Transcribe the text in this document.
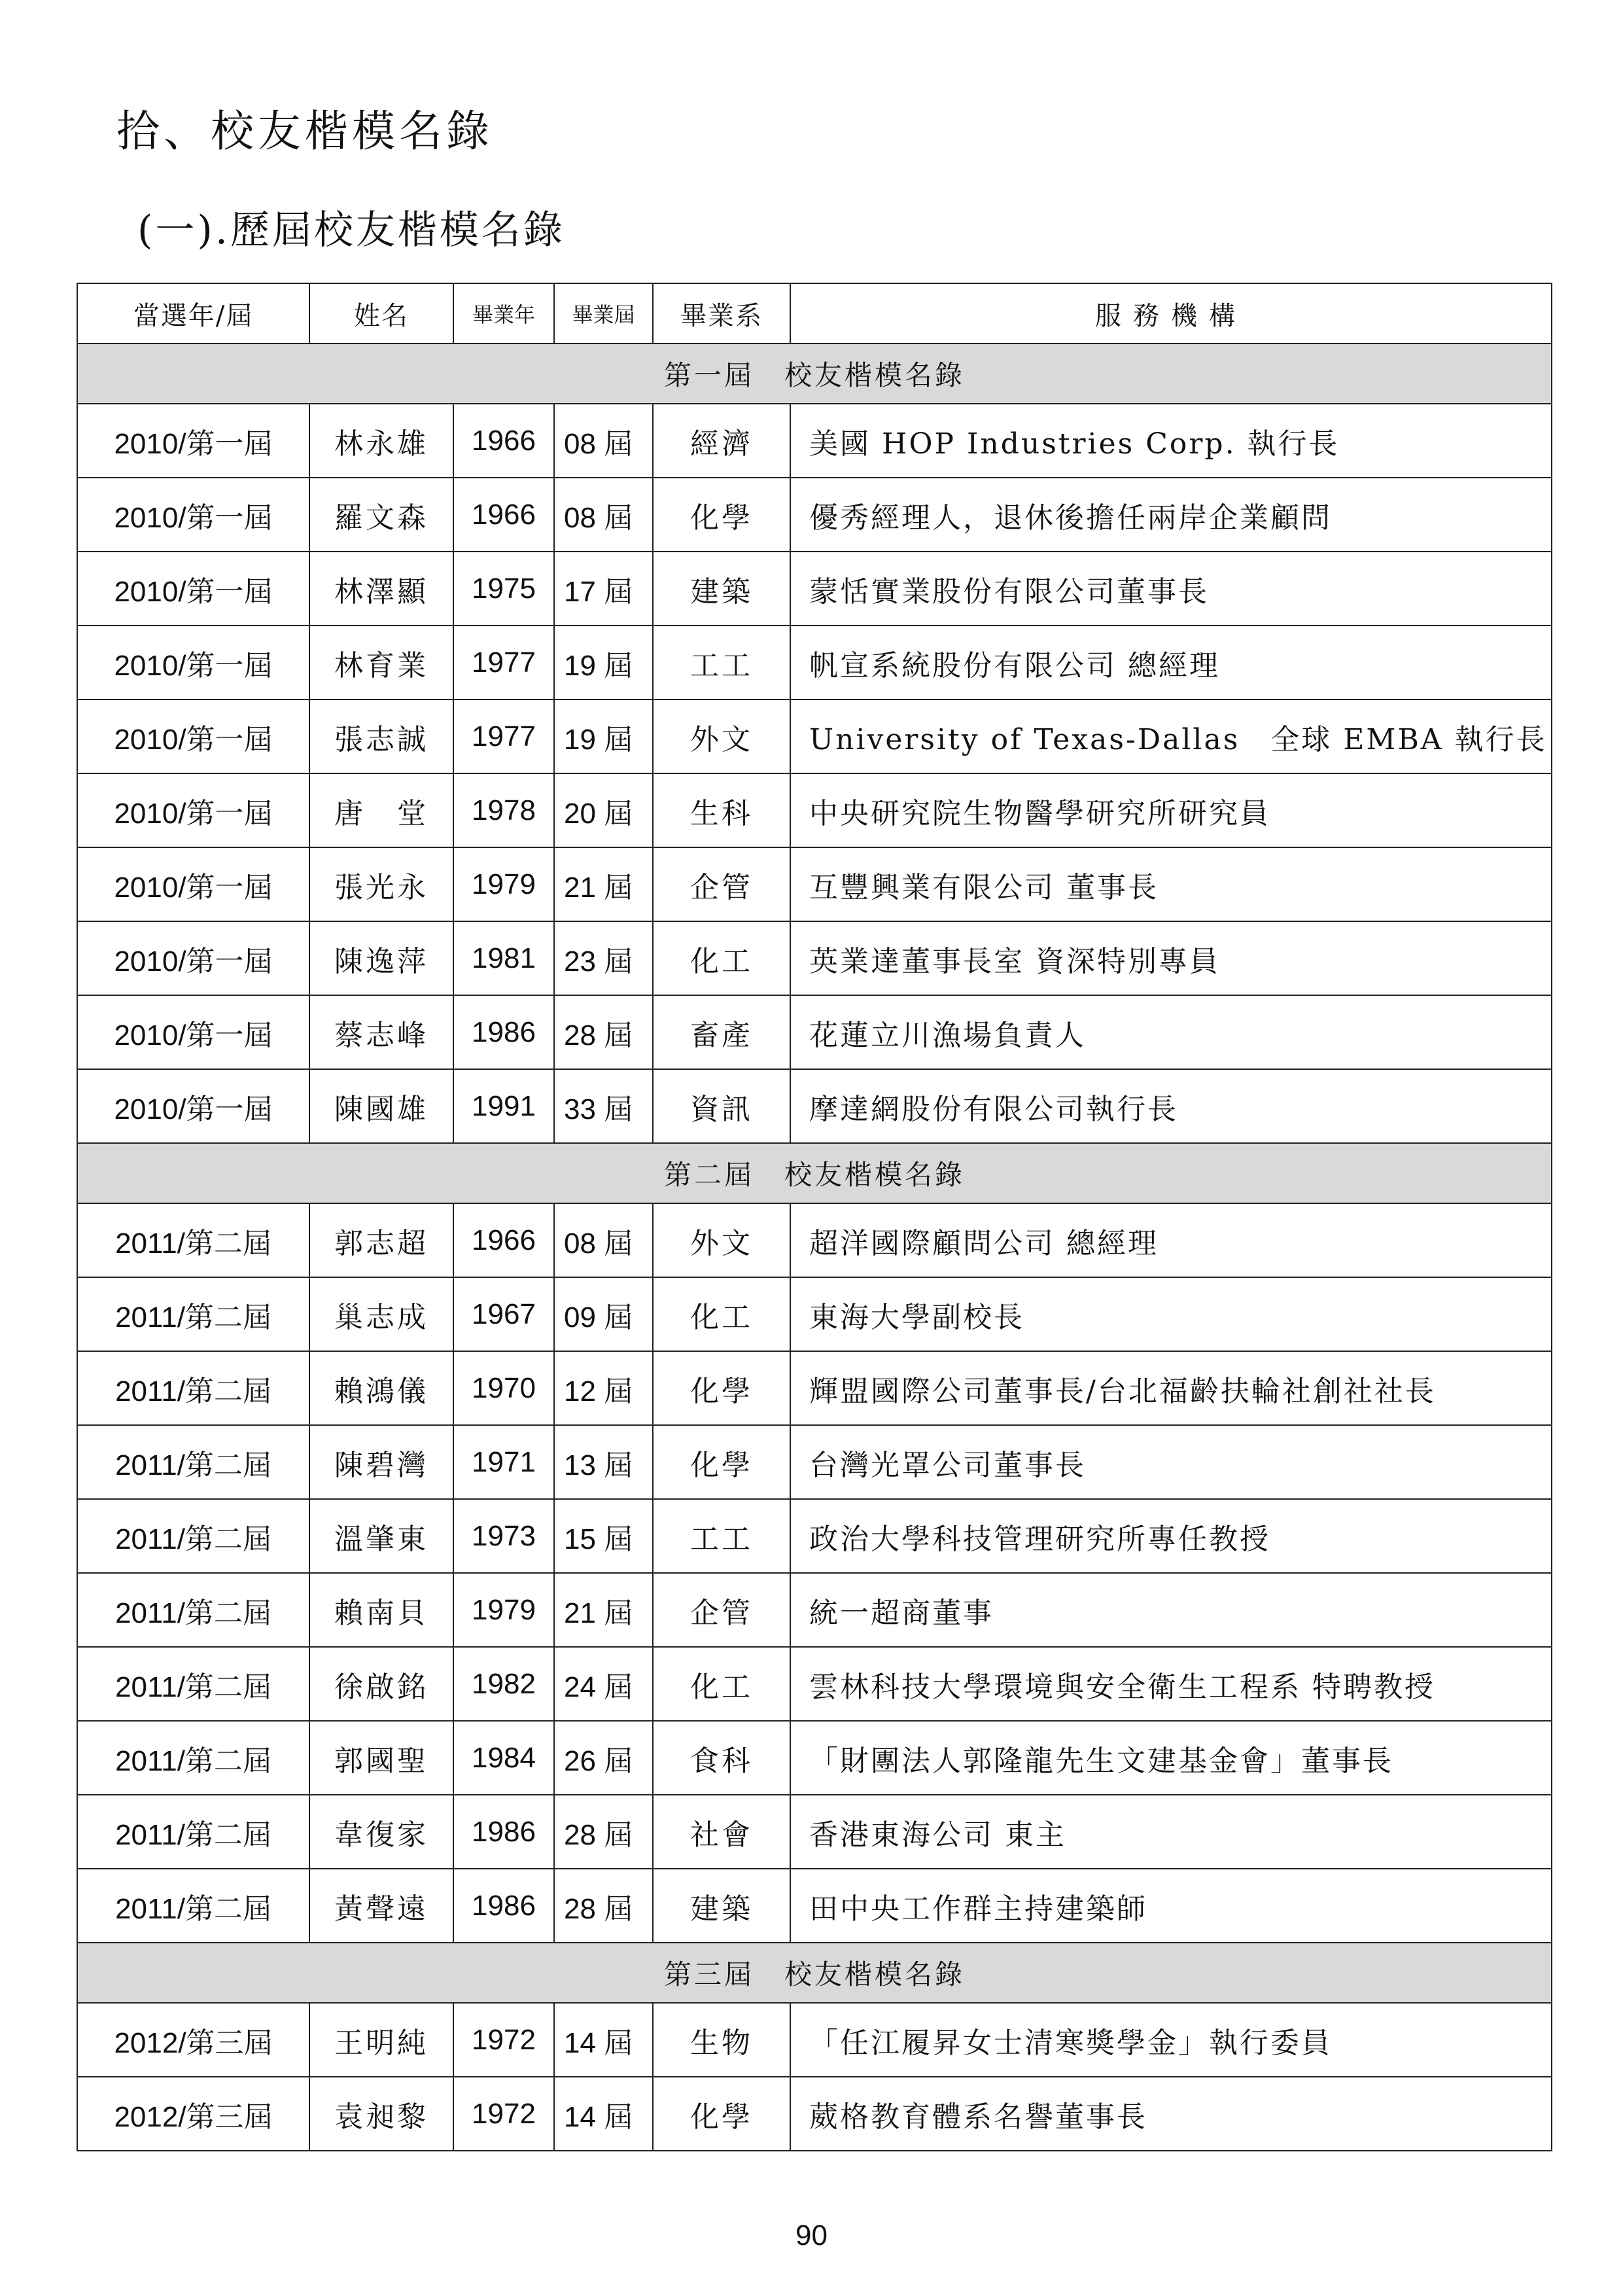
拾、校友楷模名錄
(一).歷屆校友楷模名錄
當選年/屆	姓名	畢業年	畢業屆	畢業系	服務機構
第一屆　校友楷模名錄					
2010/第一屆	林永雄	1966	08 屆	經濟	美國 HOP Industries Corp. 執行長
2010/第一屆	羅文森	1966	08 屆	化學	優秀經理人，退休後擔任兩岸企業顧問
2010/第一屆	林澤顯	1975	17 屆	建築	蒙恬實業股份有限公司董事長
2010/第一屆	林育業	1977	19 屆	工工	帆宣系統股份有限公司 總經理
2010/第一屆	張志誠	1977	19 屆	外文	University of Texas-Dallas　全球 EMBA 執行長
2010/第一屆	唐　堂	1978	20 屆	生科	中央研究院生物醫學研究所研究員
2010/第一屆	張光永	1979	21 屆	企管	互豐興業有限公司 董事長
2010/第一屆	陳逸萍	1981	23 屆	化工	英業達董事長室 資深特別專員
2010/第一屆	蔡志峰	1986	28 屆	畜產	花蓮立川漁場負責人
2010/第一屆	陳國雄	1991	33 屆	資訊	摩達網股份有限公司執行長
第二屆　校友楷模名錄					
2011/第二屆	郭志超	1966	08 屆	外文	超洋國際顧問公司 總經理
2011/第二屆	巢志成	1967	09 屆	化工	東海大學副校長
2011/第二屆	賴鴻儀	1970	12 屆	化學	輝盟國際公司董事長/台北福齡扶輪社創社社長
2011/第二屆	陳碧灣	1971	13 屆	化學	台灣光罩公司董事長
2011/第二屆	溫肇東	1973	15 屆	工工	政治大學科技管理研究所專任教授
2011/第二屆	賴南貝	1979	21 屆	企管	統一超商董事
2011/第二屆	徐啟銘	1982	24 屆	化工	雲林科技大學環境與安全衛生工程系 特聘教授
2011/第二屆	郭國聖	1984	26 屆	食科	「財團法人郭隆龍先生文建基金會」董事長
2011/第二屆	韋復家	1986	28 屆	社會	香港東海公司 東主
2011/第二屆	黃聲遠	1986	28 屆	建築	田中央工作群主持建築師
第三屆　校友楷模名錄					
2012/第三屆	王明純	1972	14 屆	生物	「任江履昇女士清寒獎學金」執行委員
2012/第三屆	袁昶黎	1972	14 屆	化學	葳格教育體系名譽董事長
90
